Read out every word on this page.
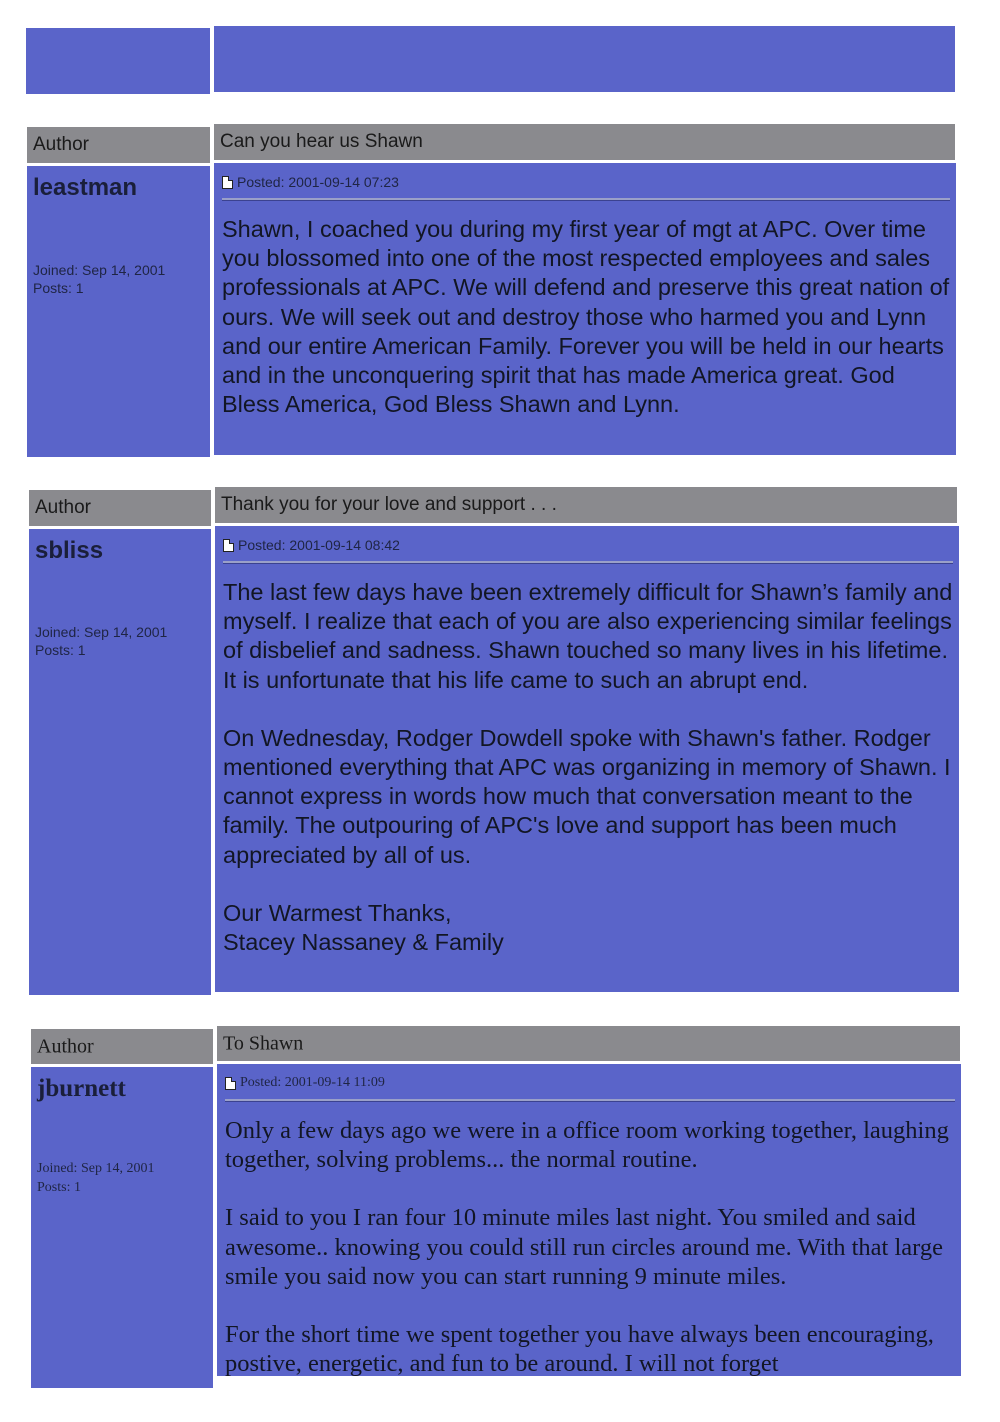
Author	Can you hear us Shawn
leastman
Joined: Sep 14, 2001
Posts: 1
Posted: 2001-09-14 07:23

Shawn, I coached you during my first year of mgt at APC. Over time you blossomed into one of the most respected employees and sales professionals at APC. We will defend and preserve this great nation of ours. We will seek out and destroy those who harmed you and Lynn and our entire American Family. Forever you will be held in our hearts and in the unconquering spirit that has made America great. God Bless America, God Bless Shawn and Lynn.

Author	Thank you for your love and support . . .
sbliss
Joined: Sep 14, 2001
Posts: 1
Posted: 2001-09-14 08:42

The last few days have been extremely difficult for Shawn’s family and myself. I realize that each of you are also experiencing similar feelings of disbelief and sadness. Shawn touched so many lives in his lifetime. It is unfortunate that his life came to such an abrupt end.

On Wednesday, Rodger Dowdell spoke with Shawn's father. Rodger mentioned everything that APC was organizing in memory of Shawn. I cannot express in words how much that conversation meant to the family. The outpouring of APC's love and support has been much appreciated by all of us.

Our Warmest Thanks,
Stacey Nassaney & Family
Author	To Shawn
jburnett
Joined: Sep 14, 2001
Posts: 1
Posted: 2001-09-14 11:09

Only a few days ago we were in a office room working together, laughing together, solving problems... the normal routine.

I said to you I ran four 10 minute miles last night. You smiled and said awesome.. knowing you could still run circles around me. With that large smile you said now you can start running 9 minute miles.

For the short time we spent together you have always been encouraging, postive, energetic, and fun to be around. I will not forget
